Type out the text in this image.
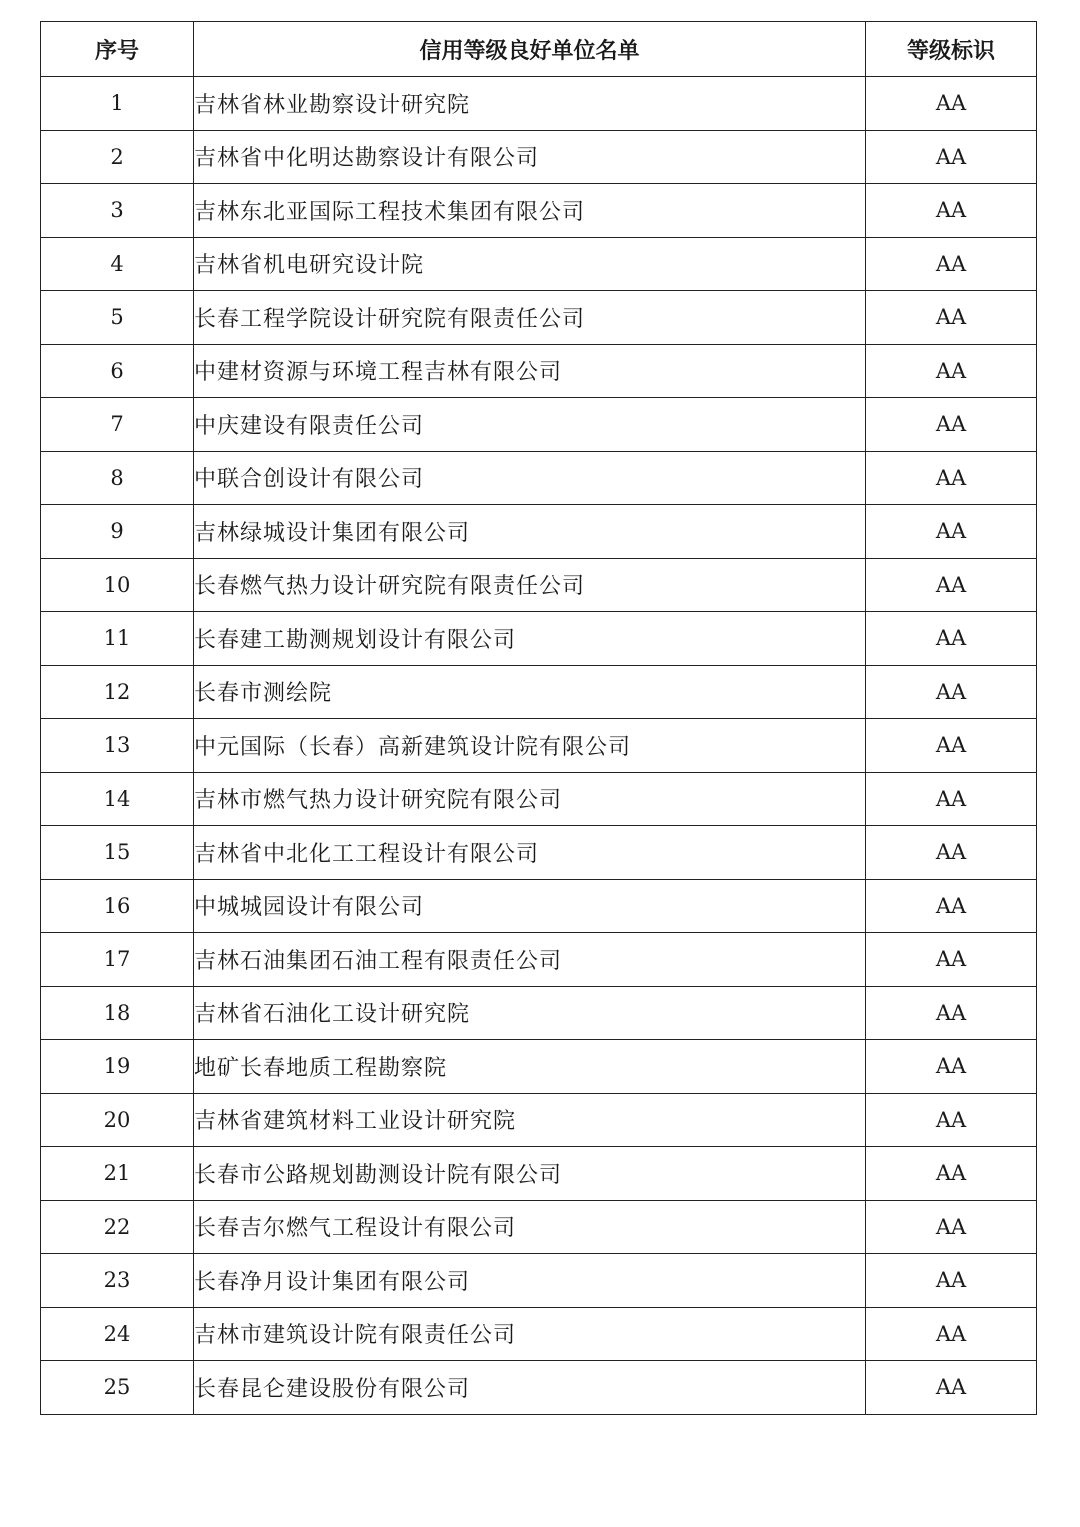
序号	信用等级良好单位名单	等级标识
1	吉林省林业勘察设计研究院	AA
2	吉林省中化明达勘察设计有限公司	AA
3	吉林东北亚国际工程技术集团有限公司	AA
4	吉林省机电研究设计院	AA
5	长春工程学院设计研究院有限责任公司	AA
6	中建材资源与环境工程吉林有限公司	AA
7	中庆建设有限责任公司	AA
8	中联合创设计有限公司	AA
9	吉林绿城设计集团有限公司	AA
10	长春燃气热力设计研究院有限责任公司	AA
11	长春建工勘测规划设计有限公司	AA
12	长春市测绘院	AA
13	中元国际（长春）高新建筑设计院有限公司	AA
14	吉林市燃气热力设计研究院有限公司	AA
15	吉林省中北化工工程设计有限公司	AA
16	中城城园设计有限公司	AA
17	吉林石油集团石油工程有限责任公司	AA
18	吉林省石油化工设计研究院	AA
19	地矿长春地质工程勘察院	AA
20	吉林省建筑材料工业设计研究院	AA
21	长春市公路规划勘测设计院有限公司	AA
22	长春吉尔燃气工程设计有限公司	AA
23	长春净月设计集团有限公司	AA
24	吉林市建筑设计院有限责任公司	AA
25	长春昆仑建设股份有限公司	AA
